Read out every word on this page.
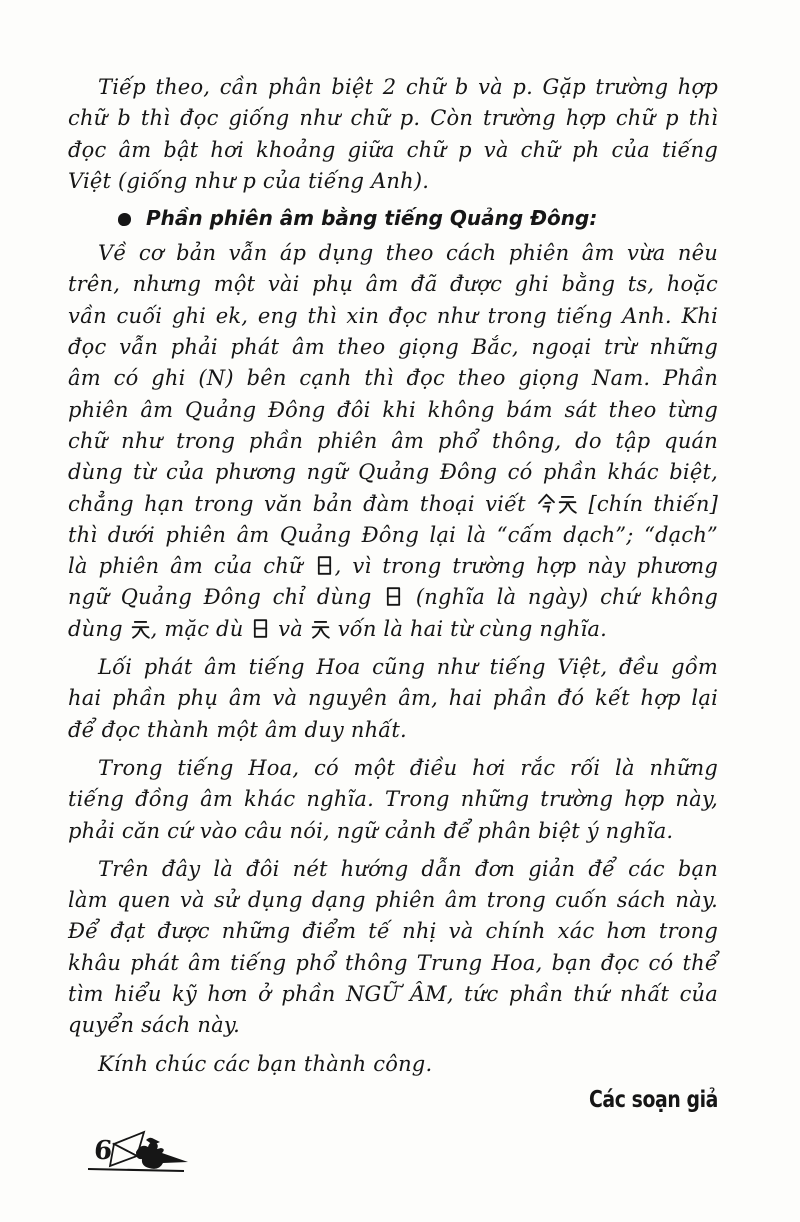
Tiếp theo, cần phân biệt 2 chữ b và p. Gặp trường hợp
chữ b thì đọc giống như chữ p. Còn trường hợp chữ p thì
đọc âm bật hơi khoảng giữa chữ p và chữ ph của tiếng
Việt (giống như p của tiếng Anh).
Phần phiên âm bằng tiếng Quảng Đông:
Về cơ bản vẫn áp dụng theo cách phiên âm vừa nêu
trên, nhưng một vài phụ âm đã được ghi bằng ts, hoặc
vần cuối ghi ek, eng thì xin đọc như trong tiếng Anh. Khi
đọc vẫn phải phát âm theo giọng Bắc, ngoại trừ những
âm có ghi (N) bên cạnh thì đọc theo giọng Nam. Phần
phiên âm Quảng Đông đôi khi không bám sát theo từng
chữ như trong phần phiên âm phổ thông, do tập quán
dùng từ của phương ngữ Quảng Đông có phần khác biệt,
chẳng hạn trong văn bản đàm thoại viết  [chín thiến]
thì dưới phiên âm Quảng Đông lại là “cấm dạch”; “dạch”
là phiên âm của chữ , vì trong trường hợp này phương
ngữ Quảng Đông chỉ dùng  (nghĩa là ngày) chứ không
dùng , mặc dù  và  vốn là hai từ cùng nghĩa.
Lối phát âm tiếng Hoa cũng như tiếng Việt, đều gồm
hai phần phụ âm và nguyên âm, hai phần đó kết hợp lại
để đọc thành một âm duy nhất.
Trong tiếng Hoa, có một điều hơi rắc rối là những
tiếng đồng âm khác nghĩa. Trong những trường hợp này,
phải căn cứ vào câu nói, ngữ cảnh để phân biệt ý nghĩa.
Trên đây là đôi nét hướng dẫn đơn giản để các bạn
làm quen và sử dụng dạng phiên âm trong cuốn sách này.
Để đạt được những điểm tế nhị và chính xác hơn trong
khâu phát âm tiếng phổ thông Trung Hoa, bạn đọc có thể
tìm hiểu kỹ hơn ở phần NGỮ ÂM, tức phần thứ nhất của
quyển sách này.
Kính chúc các bạn thành công.
Các soạn giả
6
